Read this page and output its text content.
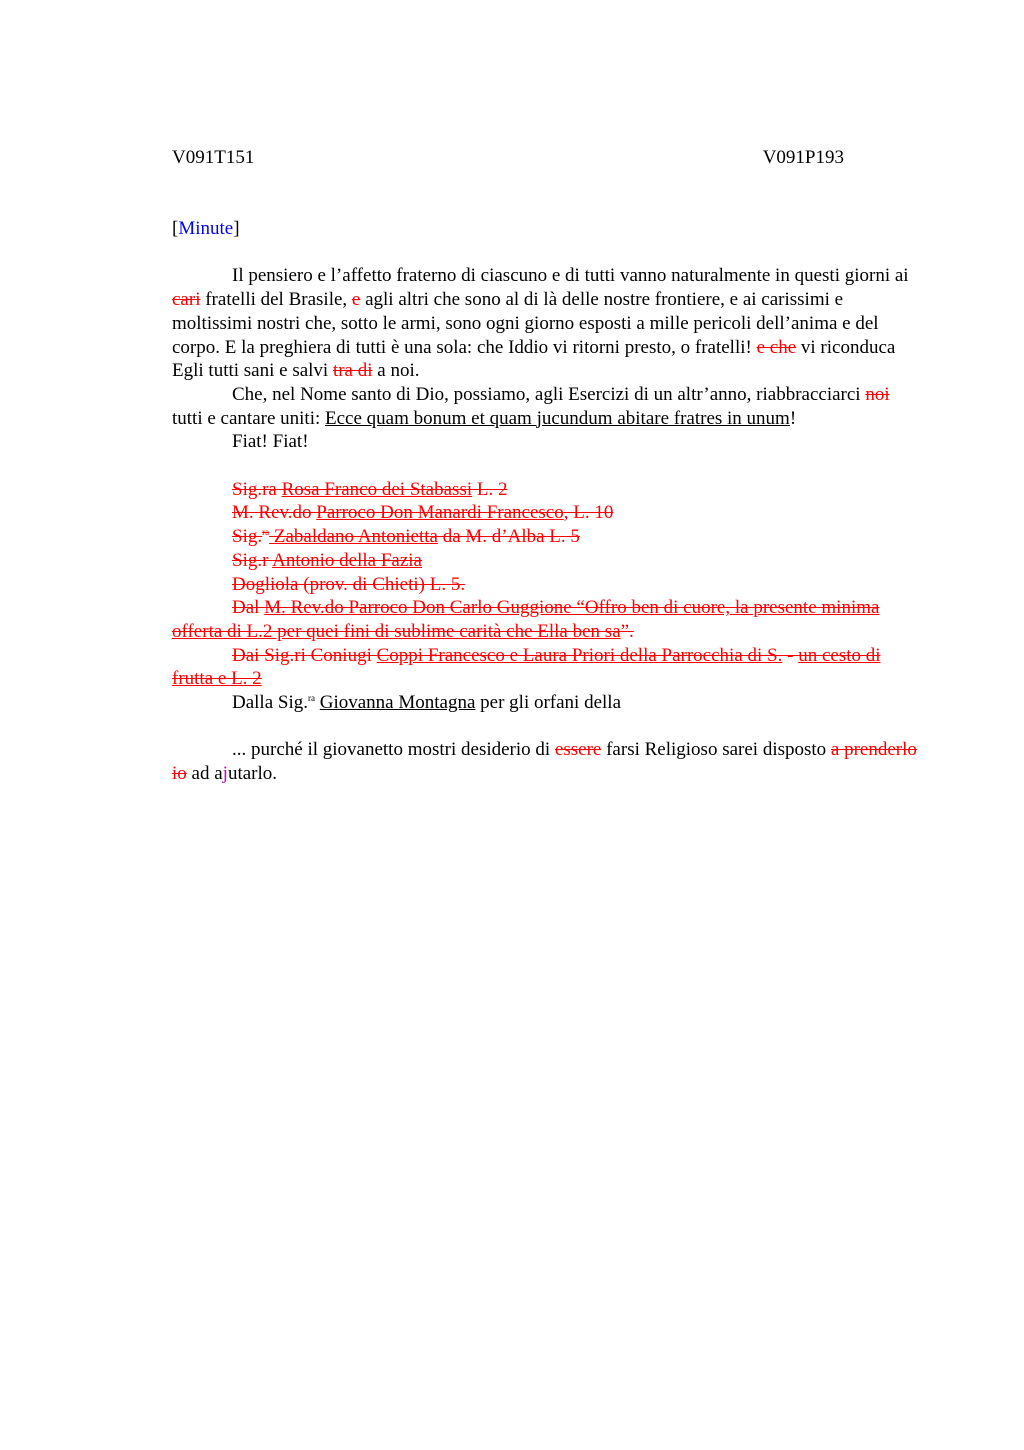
V091T151	V091P193
[Minute]

Il pensiero e l’affetto fraterno di ciascuno e di tutti vanno naturalmente in questi giorni ai cari fratelli del Brasile, e agli altri che sono al di là delle nostre frontiere, e ai carissimi e moltissimi nostri che, sotto le armi, sono ogni giorno esposti a mille pericoli dell’anima e del corpo. E la preghiera di tutti è una sola: che Iddio vi ritorni presto, o fratelli! e che vi riconduca Egli tutti sani e salvi tra di a noi.

Che, nel Nome santo di Dio, possiamo, agli Esercizi di un altr’anno, riabbracciarci noi tutti e cantare uniti: Ecce quam bonum et quam jucundum abitare fratres in unum!

Fiat! Fiat!

Sig.ra Rosa Franco dei Stabassi L. 2

M. Rev.do Parroco Don Manardi Francesco, L. 10

Sig.$^{ra}$ Zabaldano Antonietta da M. d’Alba L. 5

Sig.r Antonio della Fazia

Dogliola (prov. di Chieti) L. 5.

Dal M. Rev.do Parroco Don Carlo Guggione “Offro ben di cuore, la presente minima offerta di L.2 per quei fini di sublime carità che Ella ben sa”.

Dai Sig.ri Coniugi Coppi Francesco e Laura Priori della Parrocchia di S. - un cesto di frutta e L. 2

Dalla Sig.$^{ra}$ Giovanna Montagna per gli orfani della

... purché il giovanetto mostri desiderio di essere farsi Religioso sarei disposto a prenderlo io ad ajutarlo.
